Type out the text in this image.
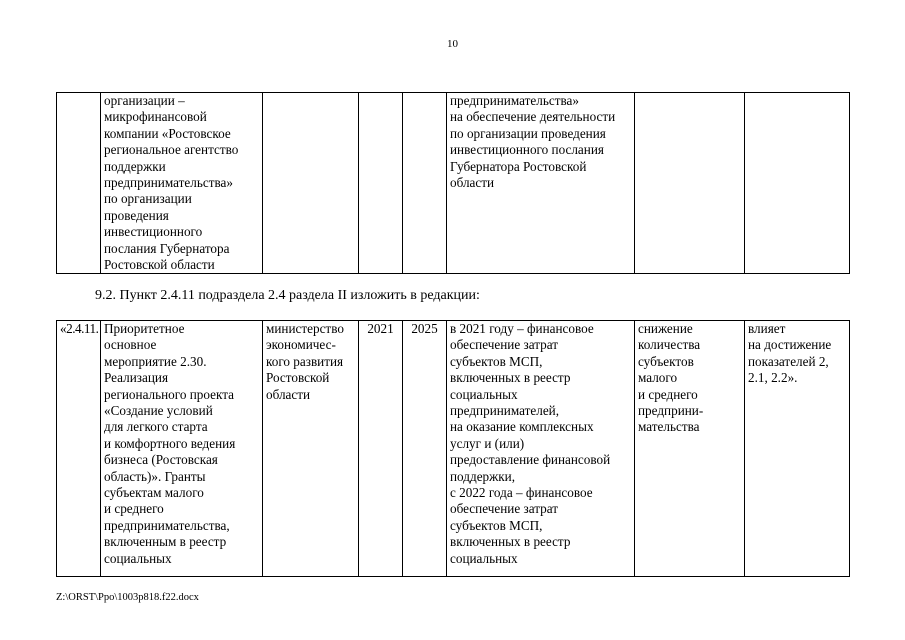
10
	организации –
микрофинансовой
компании «Ростовское
региональное агентство
поддержки
предпринимательства»
по организации
проведения
инвестиционного
послания Губернатора
Ростовской области				предпринимательства»
на обеспечение деятельности
по организации проведения
инвестиционного послания
Губернатора Ростовской
области		
9.2. Пункт 2.4.11 подраздела 2.4 раздела II изложить в редакции:
«2.4.11.	Приоритетное
основное
мероприятие 2.30.
Реализация
регионального проекта
«Создание условий
для легкого старта
и комфортного ведения
бизнеса (Ростовская
область)». Гранты
субъектам малого
и среднего
предпринимательства,
включенным в реестр
социальных	министерство
экономичес-
кого развития
Ростовской
области	2021	2025	в 2021 году – финансовое
обеспечение затрат
субъектов МСП,
включенных в реестр
социальных
предпринимателей,
на оказание комплексных
услуг и (или)
предоставление финансовой
поддержки,
с 2022 года – финансовое
обеспечение затрат
субъектов МСП,
включенных в реестр
социальных	снижение
количества
субъектов
малого
и среднего
предприни-
мательства	влияет
на достижение
показателей 2,
2.1, 2.2».
Z:\ORST\Ppo\1003p818.f22.docx
